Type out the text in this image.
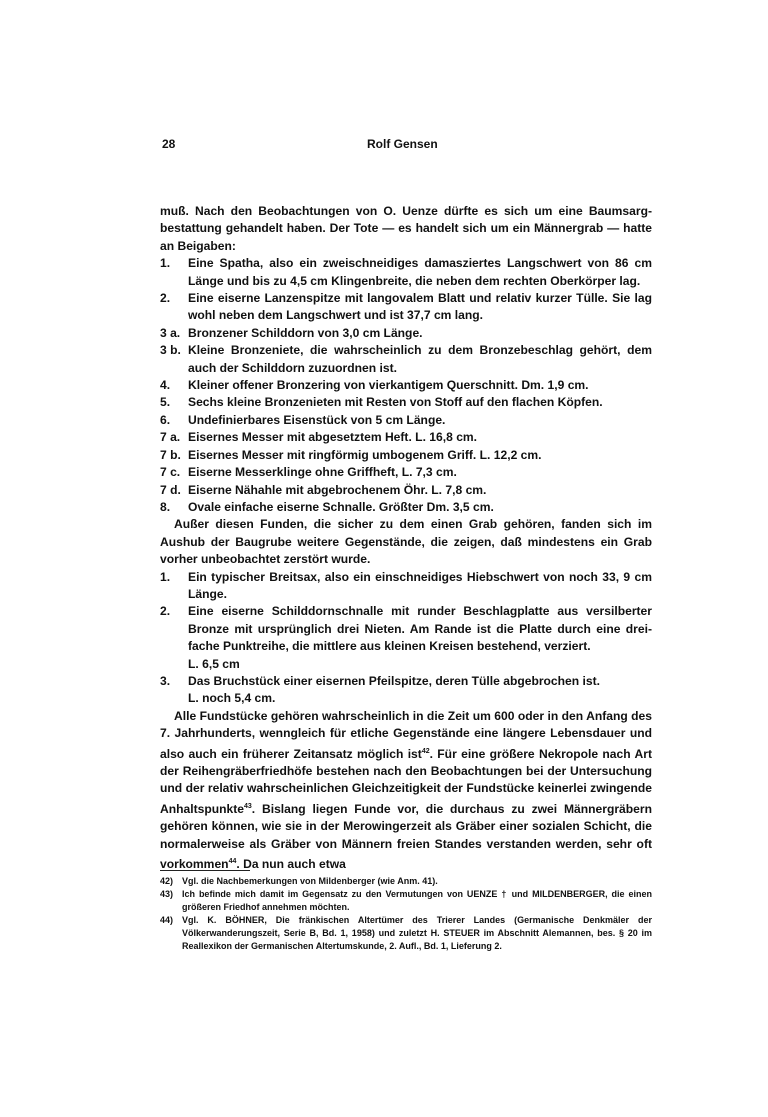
28	Rolf Gensen

muß. Nach den Beobachtungen von O. Uenze dürfte es sich um eine Baumsargbestattung gehandelt haben. Der Tote — es handelt sich um ein Männergrab — hatte an Beigaben:

1.	Eine Spatha, also ein zweischneidiges damasziertes Langschwert von 86 cm Länge und bis zu 4,5 cm Klingenbreite, die neben dem rechten Oberkörper lag.
2.	Eine eiserne Lanzenspitze mit langovalem Blatt und relativ kurzer Tülle. Sie lag wohl neben dem Langschwert und ist 37,7 cm lang.
3 a. Bronzener Schilddorn von 3,0 cm Länge.
3 b. Kleine Bronzeniete, die wahrscheinlich zu dem Bronzebeschlag gehört, dem auch der Schilddorn zuzuordnen ist.
4.	Kleiner offener Bronzering von vierkantigem Querschnitt. Dm. 1,9 cm.
5.	Sechs kleine Bronzenieten mit Resten von Stoff auf den flachen Köpfen.
6.	Undefinierbares Eisenstück von 5 cm Länge.
7 a. Eisernes Messer mit abgesetztem Heft. L. 16,8 cm.
7 b. Eisernes Messer mit ringförmig umbogenem Griff. L. 12,2 cm.
7 c. Eiserne Messerklinge ohne Griffheft, L. 7,3 cm.
7 d. Eiserne Nähahle mit abgebrochenem Öhr. L. 7,8 cm.
8.	Ovale einfache eiserne Schnalle. Größter Dm. 3,5 cm.

Außer diesen Funden, die sicher zu dem einen Grab gehören, fanden sich im Aushub der Baugrube weitere Gegenstände, die zeigen, daß mindestens ein Grab vorher unbeobachtet zerstört wurde.

1.	Ein typischer Breitsax, also ein einschneidiges Hiebschwert von noch 33, 9 cm Länge.
2.	Eine eiserne Schilddornschnalle mit runder Beschlagplatte aus versilberter Bronze mit ursprünglich drei Nieten. Am Rande ist die Platte durch eine dreifache Punktreihe, die mittlere aus kleinen Kreisen bestehend, verziert.
L. 6,5 cm
3.	Das Bruchstück einer eisernen Pfeilspitze, deren Tülle abgebrochen ist.
L. noch 5,4 cm.

Alle Fundstücke gehören wahrscheinlich in die Zeit um 600 oder in den Anfang des 7. Jahrhunderts, wenngleich für etliche Gegenstände eine längere Lebensdauer und also auch ein früherer Zeitansatz möglich ist$^{42}$. Für eine größere Nekropole nach Art der Reihengräberfriedhöfe bestehen nach den Beobachtungen bei der Untersuchung und der relativ wahrscheinlichen Gleichzeitigkeit der Fundstücke keinerlei zwingende Anhaltspunkte$^{43}$. Bislang liegen Funde vor, die durchaus zu zwei Männergräbern gehören können, wie sie in der Merowingerzeit als Gräber einer sozialen Schicht, die normalerweise als Gräber von Männern freien Standes verstanden werden, sehr oft vorkommen$^{44}$. Da nun auch etwa

42) Vgl. die Nachbemerkungen von Mildenberger (wie Anm. 41).
43) Ich befinde mich damit im Gegensatz zu den Vermutungen von UENZE † und MILDENBERGER, die einen größeren Friedhof annehmen möchten.
44) Vgl. K. BÖHNER, Die fränkischen Altertümer des Trierer Landes (Germanische Denkmäler der Völkerwanderungszeit, Serie B, Bd. 1, 1958) und zuletzt H. STEUER im Abschnitt Alemannen, bes. § 20 im Reallexikon der Germanischen Altertumskunde, 2. Aufl., Bd. 1, Lieferung 2.
